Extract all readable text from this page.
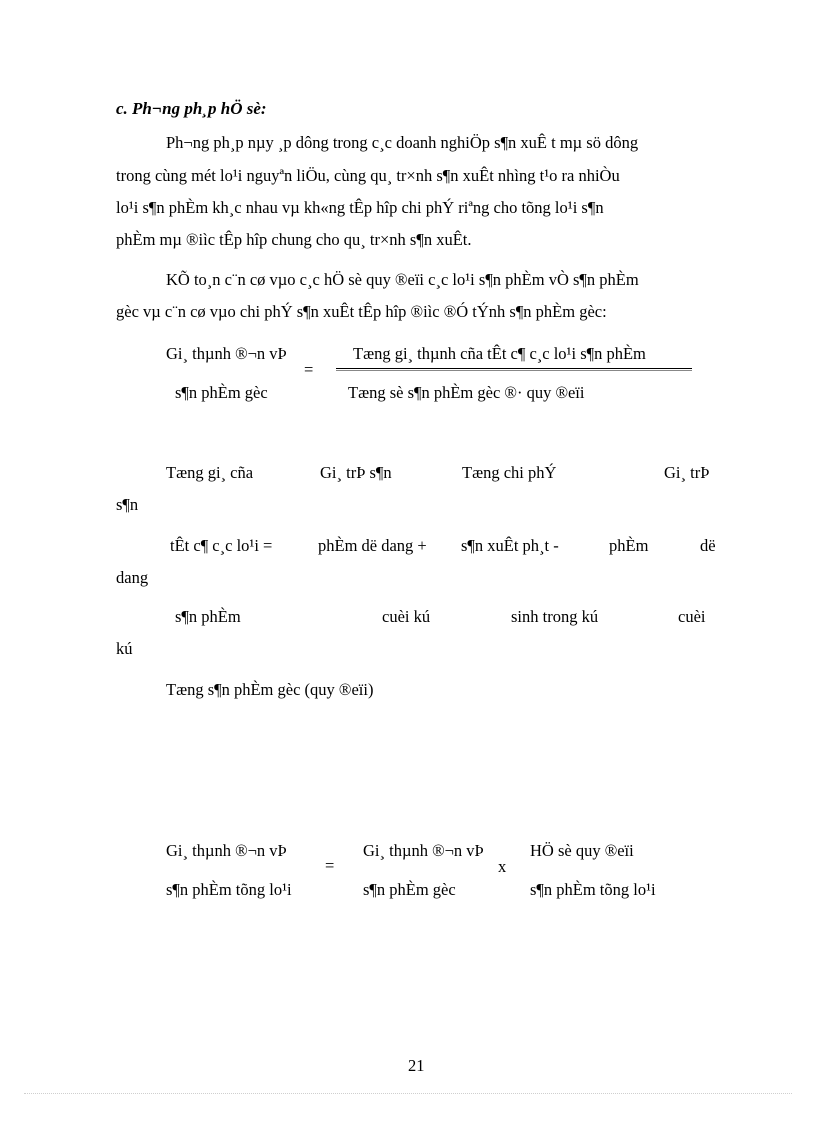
c. Ph¬ng ph¸p hÖ sè:
Ph¬ng ph¸p nµy ¸p dông trong c¸c doanh nghiÖp s¶n xuÊ t mµ sö dông
trong cùng mét lo¹i nguyªn liÖu, cùng qu¸ tr×nh s¶n xuÊt nhìng t¹o ra nhiÒu
lo¹i s¶n phÈm kh¸c nhau vµ kh«ng tÊp hîp chi phÝ riªng cho tõng lo¹i s¶n
phÈm mµ ®iìc tÊp hîp chung cho qu¸ tr×nh s¶n xuÊt.
KÕ to¸n c¨n cø vµo c¸c hÖ sè quy ®eïi c¸c lo¹i s¶n phÈm vÒ s¶n phÈm
gèc vµ c¨n cø vµo chi phÝ s¶n xuÊt tÊp hîp ®iìc ®Ó tÝnh s¶n phÈm gèc:
Gi¸ thµnh ®¬n vÞ
s¶n phÈm gèc
=
Tæng gi¸ thµnh cña tÊt c¶ c¸c lo¹i s¶n phÈm
Tæng sè s¶n phÈm gèc ®· quy ®eïi
Tæng gi¸ cña	Gi¸ trÞ s¶n	Tæng chi phÝ	Gi¸ trÞ
s¶n
tÊt c¶ c¸c lo¹i =	phÈm dë dang + s¶n xuÊt ph¸t -	phÈm	dë
dang
s¶n phÈm	cuèi kú	sinh trong kú	cuèi
kú
Tæng s¶n phÈm gèc (quy ®eïi)
Gi¸ thµnh ®¬n vÞ
s¶n phÈm tõng lo¹i
=
Gi¸ thµnh ®¬n vÞ
s¶n phÈm gèc
x
HÖ sè quy ®eïi
s¶n phÈm tõng lo¹i
21
